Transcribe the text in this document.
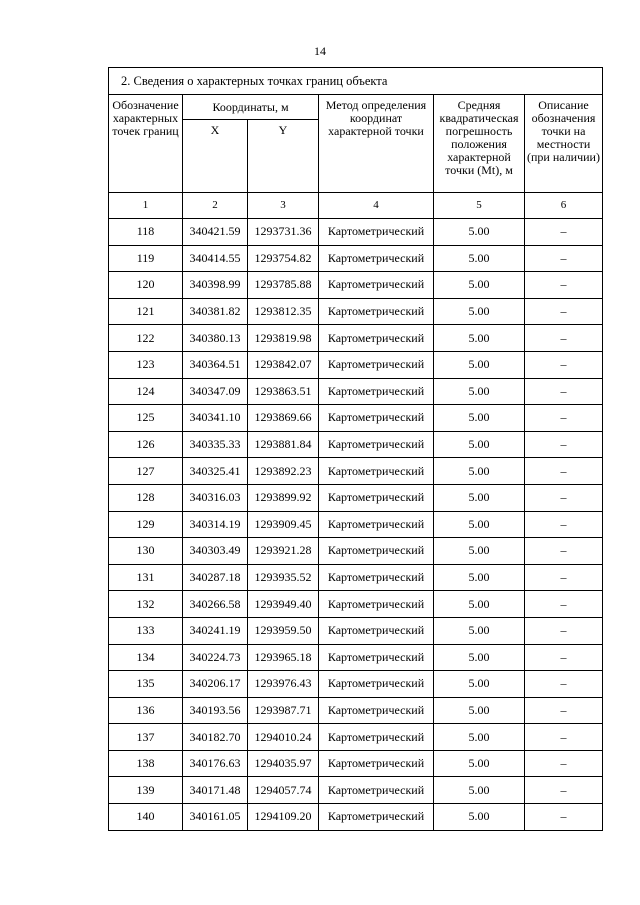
14
2. Сведения о характерных точках границ объекта					
Обозначение характерных точек границ	Координаты, м		Метод определения координат характерной точки	Средняя квадратическая погрешность положения характерной точки (Mt), м	Описание обозначения точки на местности (при наличии)
	X	Y			
1	2	3	4	5	6
118	340421.59	1293731.36	Картометрический	5.00	–
119	340414.55	1293754.82	Картометрический	5.00	–
120	340398.99	1293785.88	Картометрический	5.00	–
121	340381.82	1293812.35	Картометрический	5.00	–
122	340380.13	1293819.98	Картометрический	5.00	–
123	340364.51	1293842.07	Картометрический	5.00	–
124	340347.09	1293863.51	Картометрический	5.00	–
125	340341.10	1293869.66	Картометрический	5.00	–
126	340335.33	1293881.84	Картометрический	5.00	–
127	340325.41	1293892.23	Картометрический	5.00	–
128	340316.03	1293899.92	Картометрический	5.00	–
129	340314.19	1293909.45	Картометрический	5.00	–
130	340303.49	1293921.28	Картометрический	5.00	–
131	340287.18	1293935.52	Картометрический	5.00	–
132	340266.58	1293949.40	Картометрический	5.00	–
133	340241.19	1293959.50	Картометрический	5.00	–
134	340224.73	1293965.18	Картометрический	5.00	–
135	340206.17	1293976.43	Картометрический	5.00	–
136	340193.56	1293987.71	Картометрический	5.00	–
137	340182.70	1294010.24	Картометрический	5.00	–
138	340176.63	1294035.97	Картометрический	5.00	–
139	340171.48	1294057.74	Картометрический	5.00	–
140	340161.05	1294109.20	Картометрический	5.00	–
